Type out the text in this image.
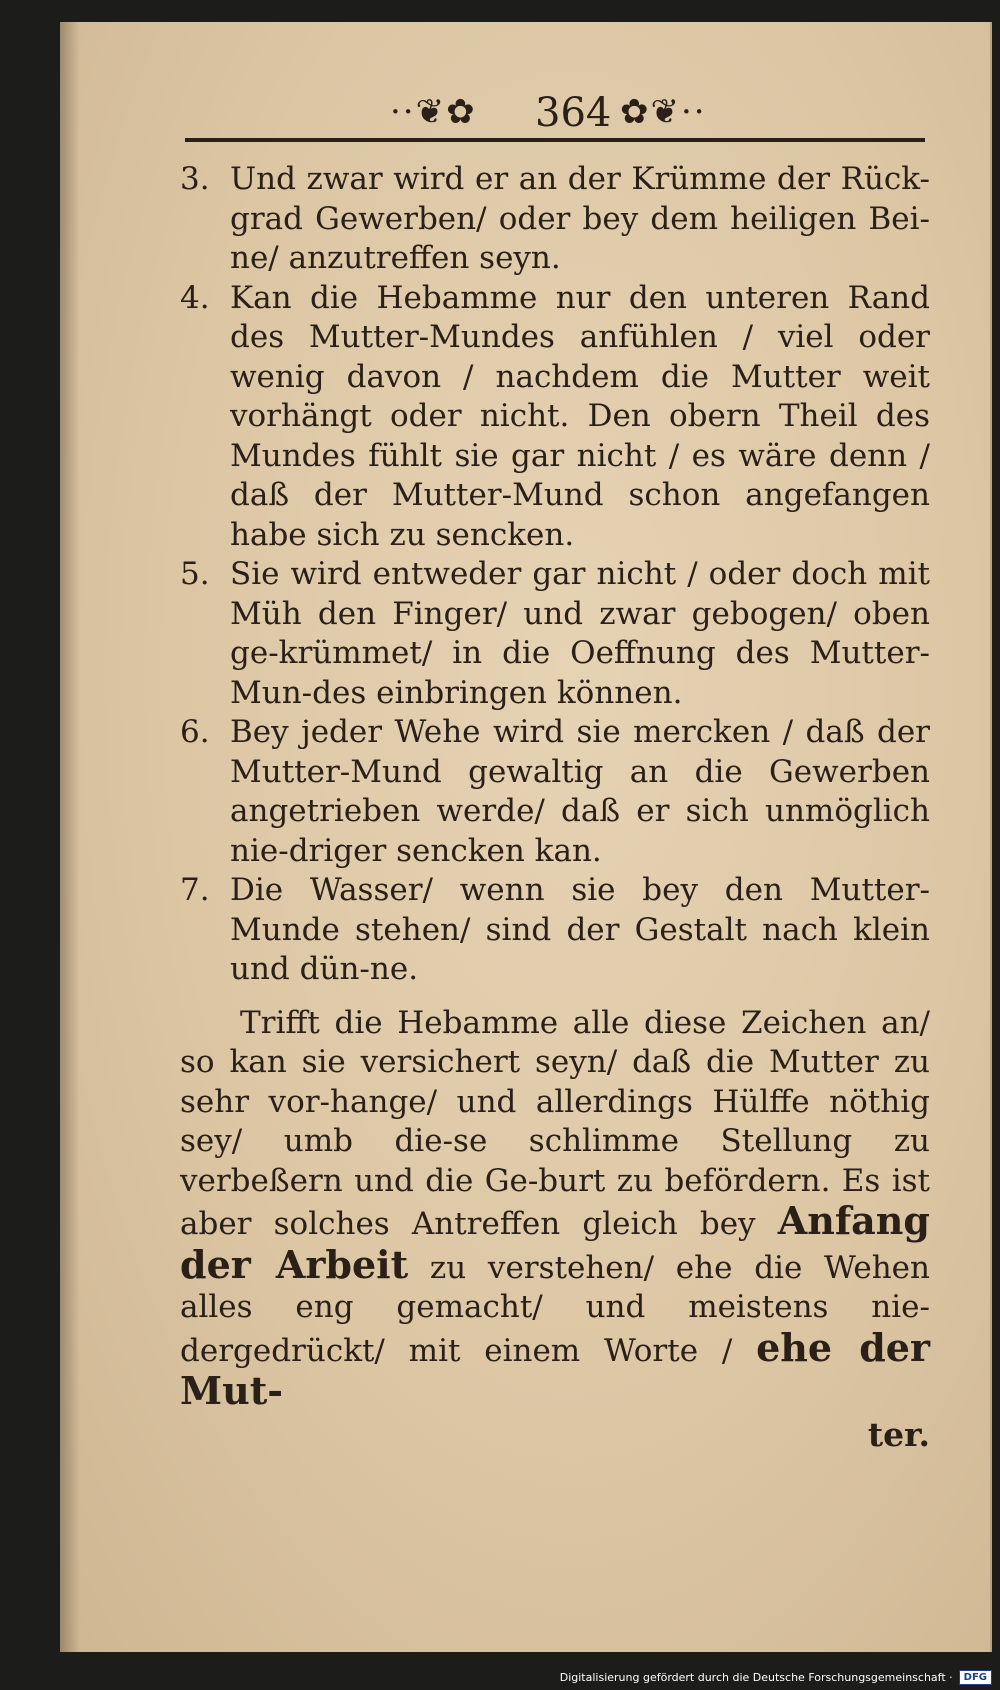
··❦✿ 364 ✿❦··
3. Und zwar wird er an der Krümme der Rück-grad Gewerben/ oder bey dem heiligen Bei-ne/ anzutreffen seyn.
4. Kan die Hebamme nur den unteren Rand des Mutter-Mundes anfühlen / viel oder wenig davon / nachdem die Mutter weit vorhängt oder nicht. Den obern Theil des Mundes fühlt sie gar nicht / es wäre denn / daß der Mutter-Mund schon angefangen habe sich zu sencken.
5. Sie wird entweder gar nicht / oder doch mit Müh den Finger/ und zwar gebogen/ oben ge-krümmet/ in die Oeffnung des Mutter-Mun-des einbringen können.
6. Bey jeder Wehe wird sie mercken / daß der Mutter-Mund gewaltig an die Gewerben angetrieben werde/ daß er sich unmöglich nie-driger sencken kan.
7. Die Wasser/ wenn sie bey den Mutter-Munde stehen/ sind der Gestalt nach klein und dün-ne.
Trifft die Hebamme alle diese Zeichen an/ so kan sie versichert seyn/ daß die Mutter zu sehr vor-hange/ und allerdings Hülffe nöthig sey/ umb die-se schlimme Stellung zu verbeßern und die Ge-burt zu befördern. Es ist aber solches Antreffen gleich bey Anfang der Arbeit zu verstehen/ ehe die Wehen alles eng gemacht/ und meistens nie-dergedrückt/ mit einem Worte / ehe der Mut-
ter.
Digitalisierung gefördert durch die Deutsche Forschungsgemeinschaft ·	DFG
